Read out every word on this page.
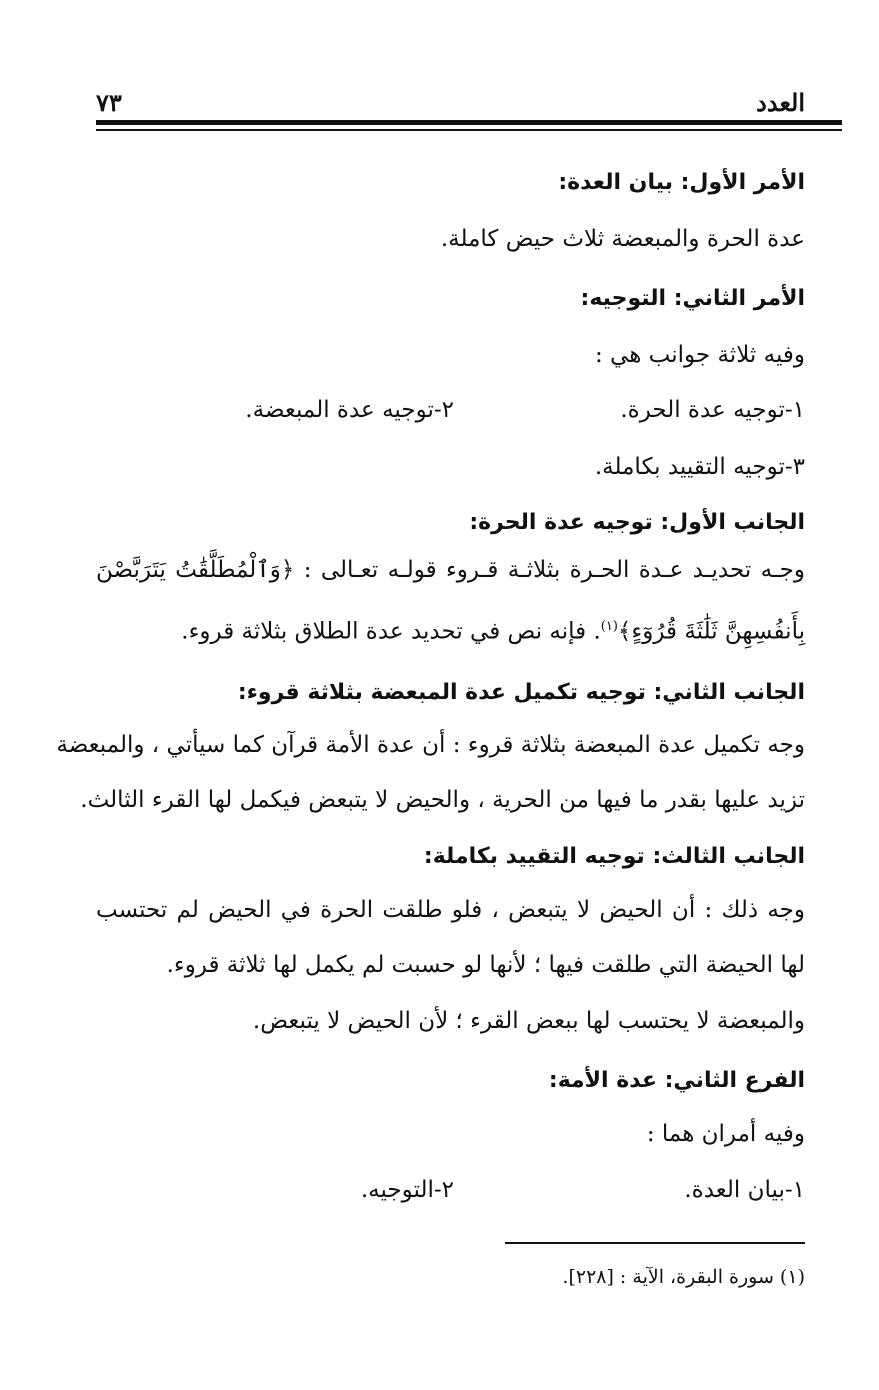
العدد
٧٣
الأمر الأول: بيان العدة:
عدة الحرة والمبعضة ثلاث حيض كاملة.
الأمر الثاني: التوجيه:
وفيه ثلاثة جوانب هي :
١-توجيه عدة الحرة.
٢-توجيه عدة المبعضة.
٣-توجيه التقييد بكاملة.
الجانب الأول: توجيه عدة الحرة:
وجـه تحديـد عـدة الحـرة بثلاثـة قـروء قولـه تعـالى : ﴿وَٱلْمُطَلَّقَٰتُ يَتَرَبَّصْنَ
بِأَنفُسِهِنَّ ثَلَٰثَةَ قُرُوٓءٍ﴾$^{(١)}$. فإنه نص في تحديد عدة الطلاق بثلاثة قروء.
الجانب الثاني: توجيه تكميل عدة المبعضة بثلاثة قروء:
وجه تكميل عدة المبعضة بثلاثة قروء : أن عدة الأمة قرآن كما سيأتي ، والمبعضة
تزيد عليها بقدر ما فيها من الحرية ، والحيض لا يتبعض فيكمل لها القرء الثالث.
الجانب الثالث: توجيه التقييد بكاملة:
وجه ذلك : أن الحيض لا يتبعض ، فلو طلقت الحرة في الحيض لم تحتسب
لها الحيضة التي طلقت فيها ؛ لأنها لو حسبت لم يكمل لها ثلاثة قروء.
والمبعضة لا يحتسب لها ببعض القرء ؛ لأن الحيض لا يتبعض.
الفرع الثاني: عدة الأمة:
وفيه أمران هما :
١-بيان العدة.
٢-التوجيه.
(١) سورة البقرة، الآية : [٢٢٨].
